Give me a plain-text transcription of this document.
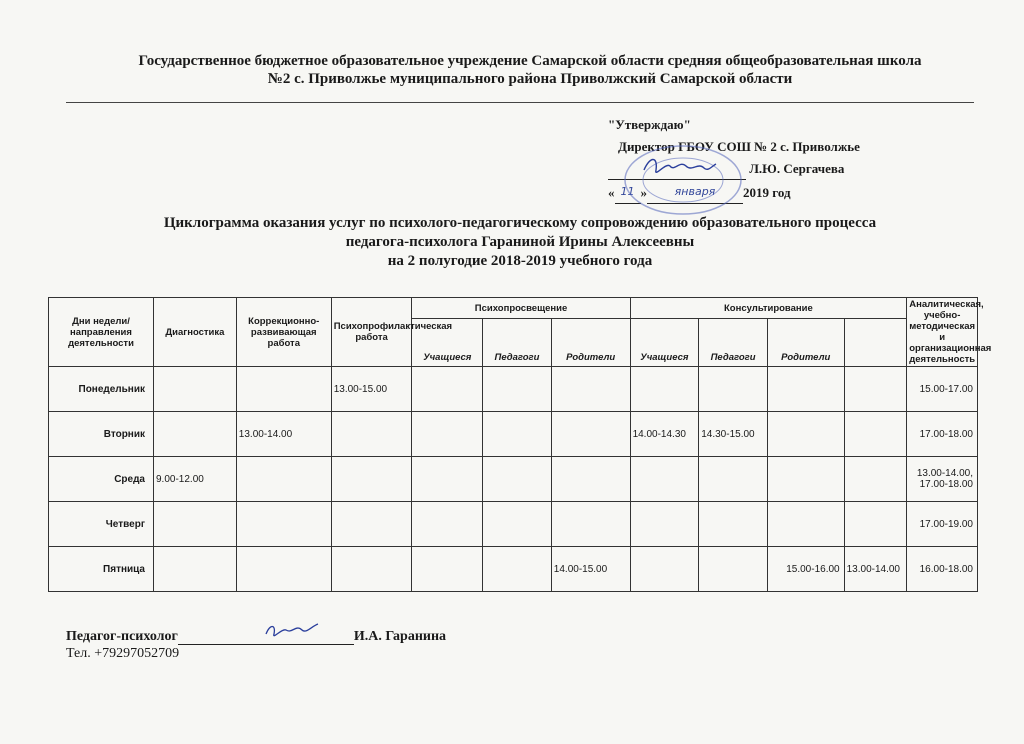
Государственное бюджетное образовательное учреждение Самарской области средняя общеобразовательная школа
№2 с. Приволжье муниципального района Приволжский Самарской области
"Утверждаю"
Директор ГБОУ СОШ № 2 с. Приволжье
Л.Ю. Сергачева
« 11 »	января 2019 год
Циклограмма оказания услуг по психолого-педагогическому сопровождению образовательного процесса
педагога-психолога Гараниной Ирины Алексеевны
на 2 полугодие 2018-2019 учебного года
Дни недели/направления деятельности	Диагностика	Коррекционно-развивающая работа	Психопрофилактическая работа	Психопросвещение			Консультирование				Аналитическая, учебно-методическая и организационная деятельность
				Учащиеся	Педагоги	Родители	Учащиеся	Педагоги	Родители		
Понедельник			13.00-15.00								15.00-17.00
Вторник		13.00-14.00					14.00-14.30	14.30-15.00			17.00-18.00
Среда	9.00-12.00										13.00-14.00, 17.00-18.00
Четверг											17.00-19.00
Пятница						14.00-15.00			15.00-16.00	13.00-14.00	16.00-18.00
Педагог-психолог	И.А. Гаранина
Тел. +79297052709
